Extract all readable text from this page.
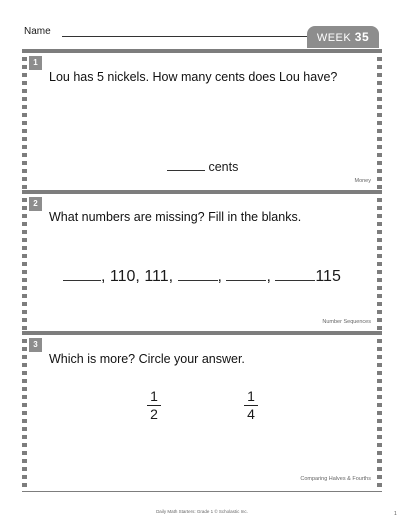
Name
WEEK 35
1
Lou has 5 nickels. How many cents does Lou have?
cents
Money
2
What numbers are missing? Fill in the blanks.
, 110, 111,	,	,	115
Number Sequences
3
Which is more? Circle your answer.
1
2
1
4
Comparing Halves & Fourths
Daily Math Starters: Grade 1 © Scholastic Inc.	1
